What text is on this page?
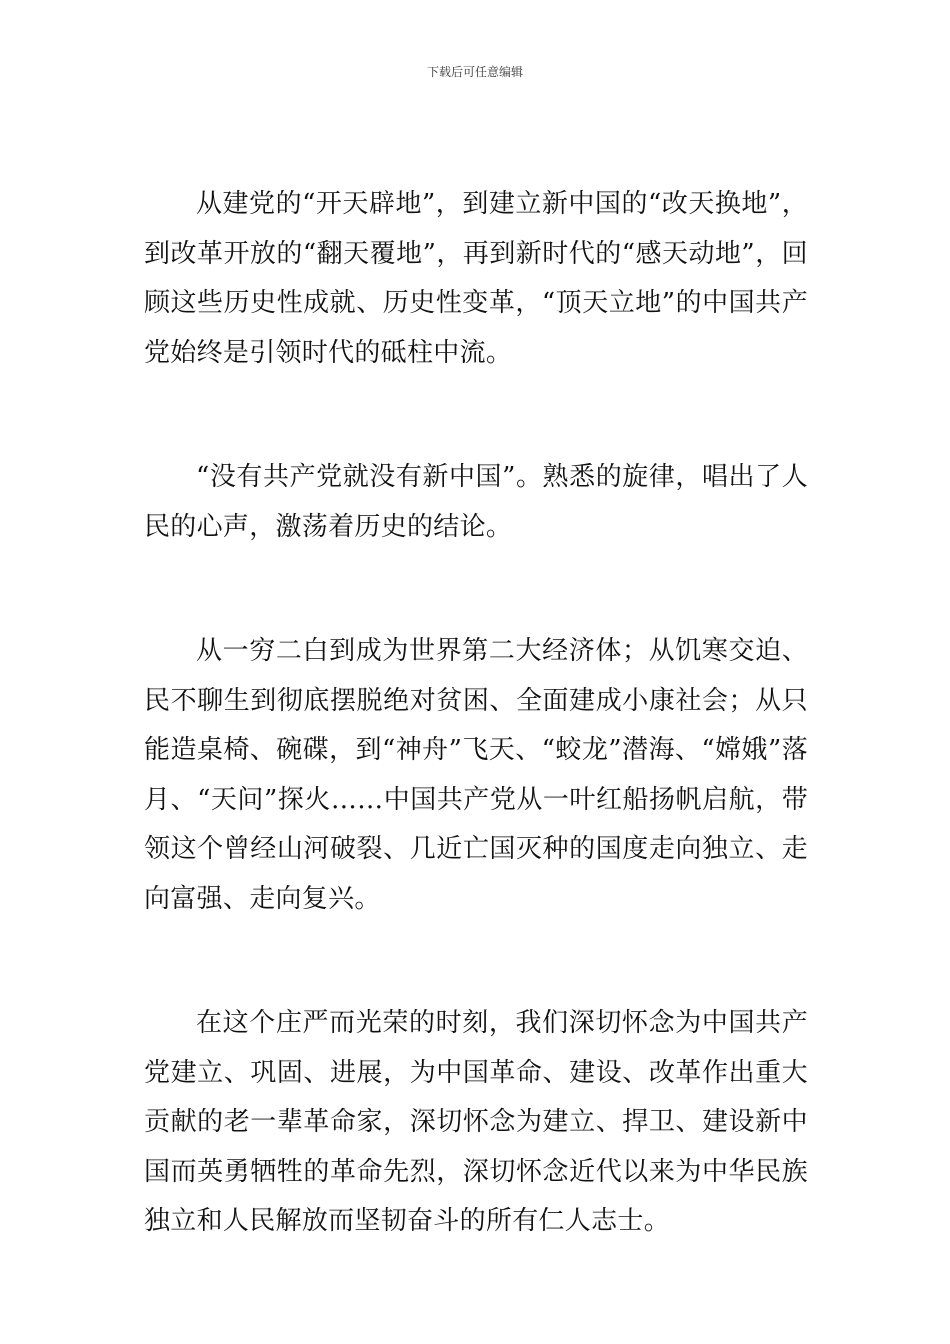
下载后可任意编辑

从建党的“开天辟地”，到建立新中国的“改天换地”，到改革开放的“翻天覆地”，再到新时代的“感天动地”，回顾这些历史性成就、历史性变革，“顶天立地”的中国共产党始终是引领时代的砥柱中流。

“没有共产党就没有新中国”。熟悉的旋律，唱出了人民的心声，激荡着历史的结论。

从一穷二白到成为世界第二大经济体；从饥寒交迫、民不聊生到彻底摆脱绝对贫困、全面建成小康社会；从只能造桌椅、碗碟，到“神舟”飞天、“蛟龙”潜海、“嫦娥”落月、“天问”探火……中国共产党从一叶红船扬帆启航，带领这个曾经山河破裂、几近亡国灭种的国度走向独立、走向富强、走向复兴。

在这个庄严而光荣的时刻，我们深切怀念为中国共产党建立、巩固、进展，为中国革命、建设、改革作出重大贡献的老一辈革命家，深切怀念为建立、捍卫、建设新中国而英勇牺牲的革命先烈，深切怀念近代以来为中华民族独立和人民解放而坚韧奋斗的所有仁人志士。
